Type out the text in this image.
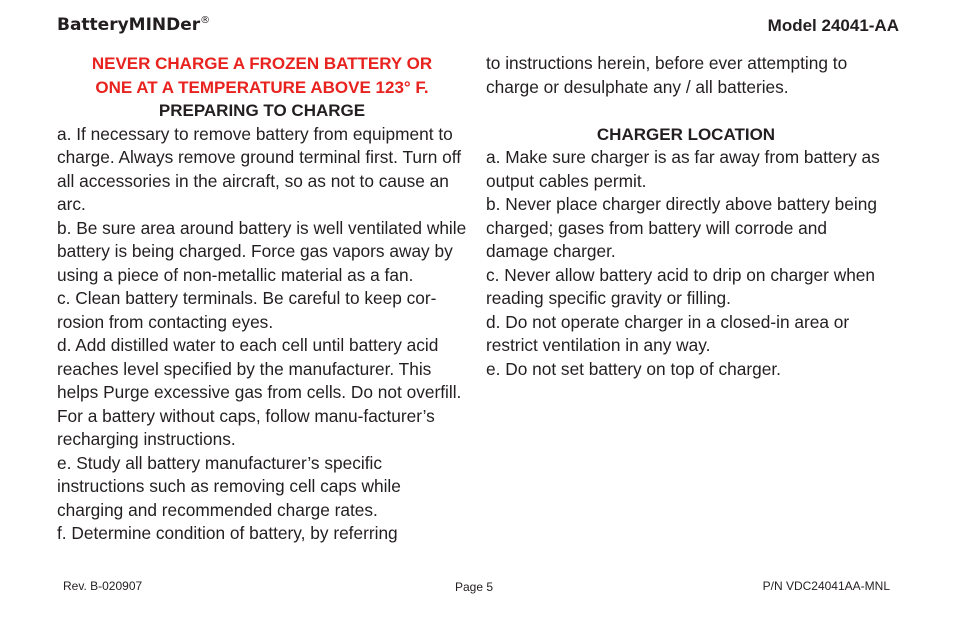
BatteryMINDer®	Model 24041-AA
NEVER CHARGE A FROZEN BATTERY OR
ONE AT A TEMPERATURE ABOVE 123° F.
PREPARING TO CHARGE

a. If necessary to remove battery from equipment to charge. Always remove ground terminal first. Turn off all accessories in the aircraft, so as not to cause an arc.

b. Be sure area around battery is well ventilated while battery is being charged. Force gas vapors away by using a piece of non-metallic material as a fan.

c. Clean battery terminals. Be careful to keep cor-rosion from contacting eyes.

d. Add distilled water to each cell until battery acid reaches level specified by the manufacturer. This helps Purge excessive gas from cells. Do not overfill. For a battery without caps, follow manu-facturer’s recharging instructions.

e. Study all battery manufacturer’s specific instructions such as removing cell caps while charging and recommended charge rates.

f. Determine condition of battery, by referring

to instructions herein, before ever attempting to charge or desulphate any / all batteries.

CHARGER LOCATION

a. Make sure charger is as far away from battery as output cables permit.

b. Never place charger directly above battery being charged; gases from battery will corrode and damage charger.

c. Never allow battery acid to drip on charger when reading specific gravity or filling.

d. Do not operate charger in a closed-in area or restrict ventilation in any way.

e. Do not set battery on top of charger.

Rev. B-020907	Page 5	P/N VDC24041AA-MNL
